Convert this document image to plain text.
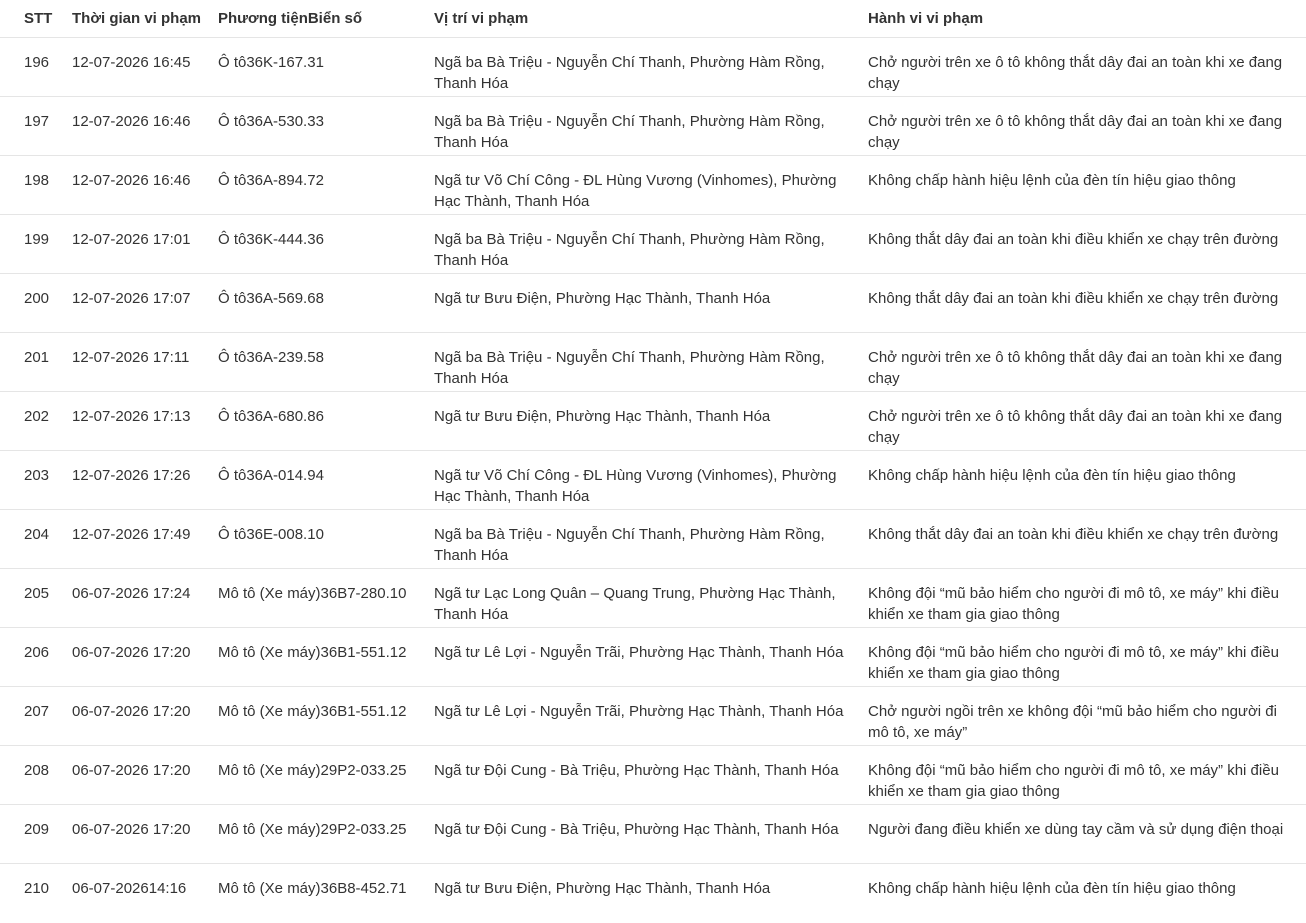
STT	Thời gian vi phạm	Phương tiệnBiển số	Vị trí vi phạm	Hành vi vi phạm
196	12-07-2026 16:45	Ô tô36K-167.31	Ngã ba Bà Triệu - Nguyễn Chí Thanh, Phường Hàm Rồng, Thanh Hóa	Chở người trên xe ô tô không thắt dây đai an toàn khi xe đang chạy
197	12-07-2026 16:46	Ô tô36A-530.33	Ngã ba Bà Triệu - Nguyễn Chí Thanh, Phường Hàm Rồng, Thanh Hóa	Chở người trên xe ô tô không thắt dây đai an toàn khi xe đang chạy
198	12-07-2026 16:46	Ô tô36A-894.72	Ngã tư Võ Chí Công - ĐL Hùng Vương (Vinhomes), Phường Hạc Thành, Thanh Hóa	Không chấp hành hiệu lệnh của đèn tín hiệu giao thông
199	12-07-2026 17:01	Ô tô36K-444.36	Ngã ba Bà Triệu - Nguyễn Chí Thanh, Phường Hàm Rồng, Thanh Hóa	Không thắt dây đai an toàn khi điều khiển xe chạy trên đường
200	12-07-2026 17:07	Ô tô36A-569.68	Ngã tư Bưu Điện, Phường Hạc Thành, Thanh Hóa	Không thắt dây đai an toàn khi điều khiển xe chạy trên đường
201	12-07-2026 17:11	Ô tô36A-239.58	Ngã ba Bà Triệu - Nguyễn Chí Thanh, Phường Hàm Rồng, Thanh Hóa	Chở người trên xe ô tô không thắt dây đai an toàn khi xe đang chạy
202	12-07-2026 17:13	Ô tô36A-680.86	Ngã tư Bưu Điện, Phường Hạc Thành, Thanh Hóa	Chở người trên xe ô tô không thắt dây đai an toàn khi xe đang chạy
203	12-07-2026 17:26	Ô tô36A-014.94	Ngã tư Võ Chí Công - ĐL Hùng Vương (Vinhomes), Phường Hạc Thành, Thanh Hóa	Không chấp hành hiệu lệnh của đèn tín hiệu giao thông
204	12-07-2026 17:49	Ô tô36E-008.10	Ngã ba Bà Triệu - Nguyễn Chí Thanh, Phường Hàm Rồng, Thanh Hóa	Không thắt dây đai an toàn khi điều khiển xe chạy trên đường
205	06-07-2026 17:24	Mô tô (Xe máy)36B7-280.10	Ngã tư Lạc Long Quân – Quang Trung, Phường Hạc Thành, Thanh Hóa	Không đội “mũ bảo hiểm cho người đi mô tô, xe máy” khi điều khiển xe tham gia giao thông
206	06-07-2026 17:20	Mô tô (Xe máy)36B1-551.12	Ngã tư Lê Lợi - Nguyễn Trãi, Phường Hạc Thành, Thanh Hóa	Không đội “mũ bảo hiểm cho người đi mô tô, xe máy” khi điều khiển xe tham gia giao thông
207	06-07-2026 17:20	Mô tô (Xe máy)36B1-551.12	Ngã tư Lê Lợi - Nguyễn Trãi, Phường Hạc Thành, Thanh Hóa	Chở người ngồi trên xe không đội “mũ bảo hiểm cho người đi mô tô, xe máy”
208	06-07-2026 17:20	Mô tô (Xe máy)29P2-033.25	Ngã tư Đội Cung - Bà Triệu, Phường Hạc Thành, Thanh Hóa	Không đội “mũ bảo hiểm cho người đi mô tô, xe máy” khi điều khiển xe tham gia giao thông
209	06-07-2026 17:20	Mô tô (Xe máy)29P2-033.25	Ngã tư Đội Cung - Bà Triệu, Phường Hạc Thành, Thanh Hóa	Người đang điều khiển xe dùng tay cầm và sử dụng điện thoại
210	06-07-202614:16	Mô tô (Xe máy)36B8-452.71	Ngã tư Bưu Điện, Phường Hạc Thành, Thanh Hóa	Không chấp hành hiệu lệnh của đèn tín hiệu giao thông
